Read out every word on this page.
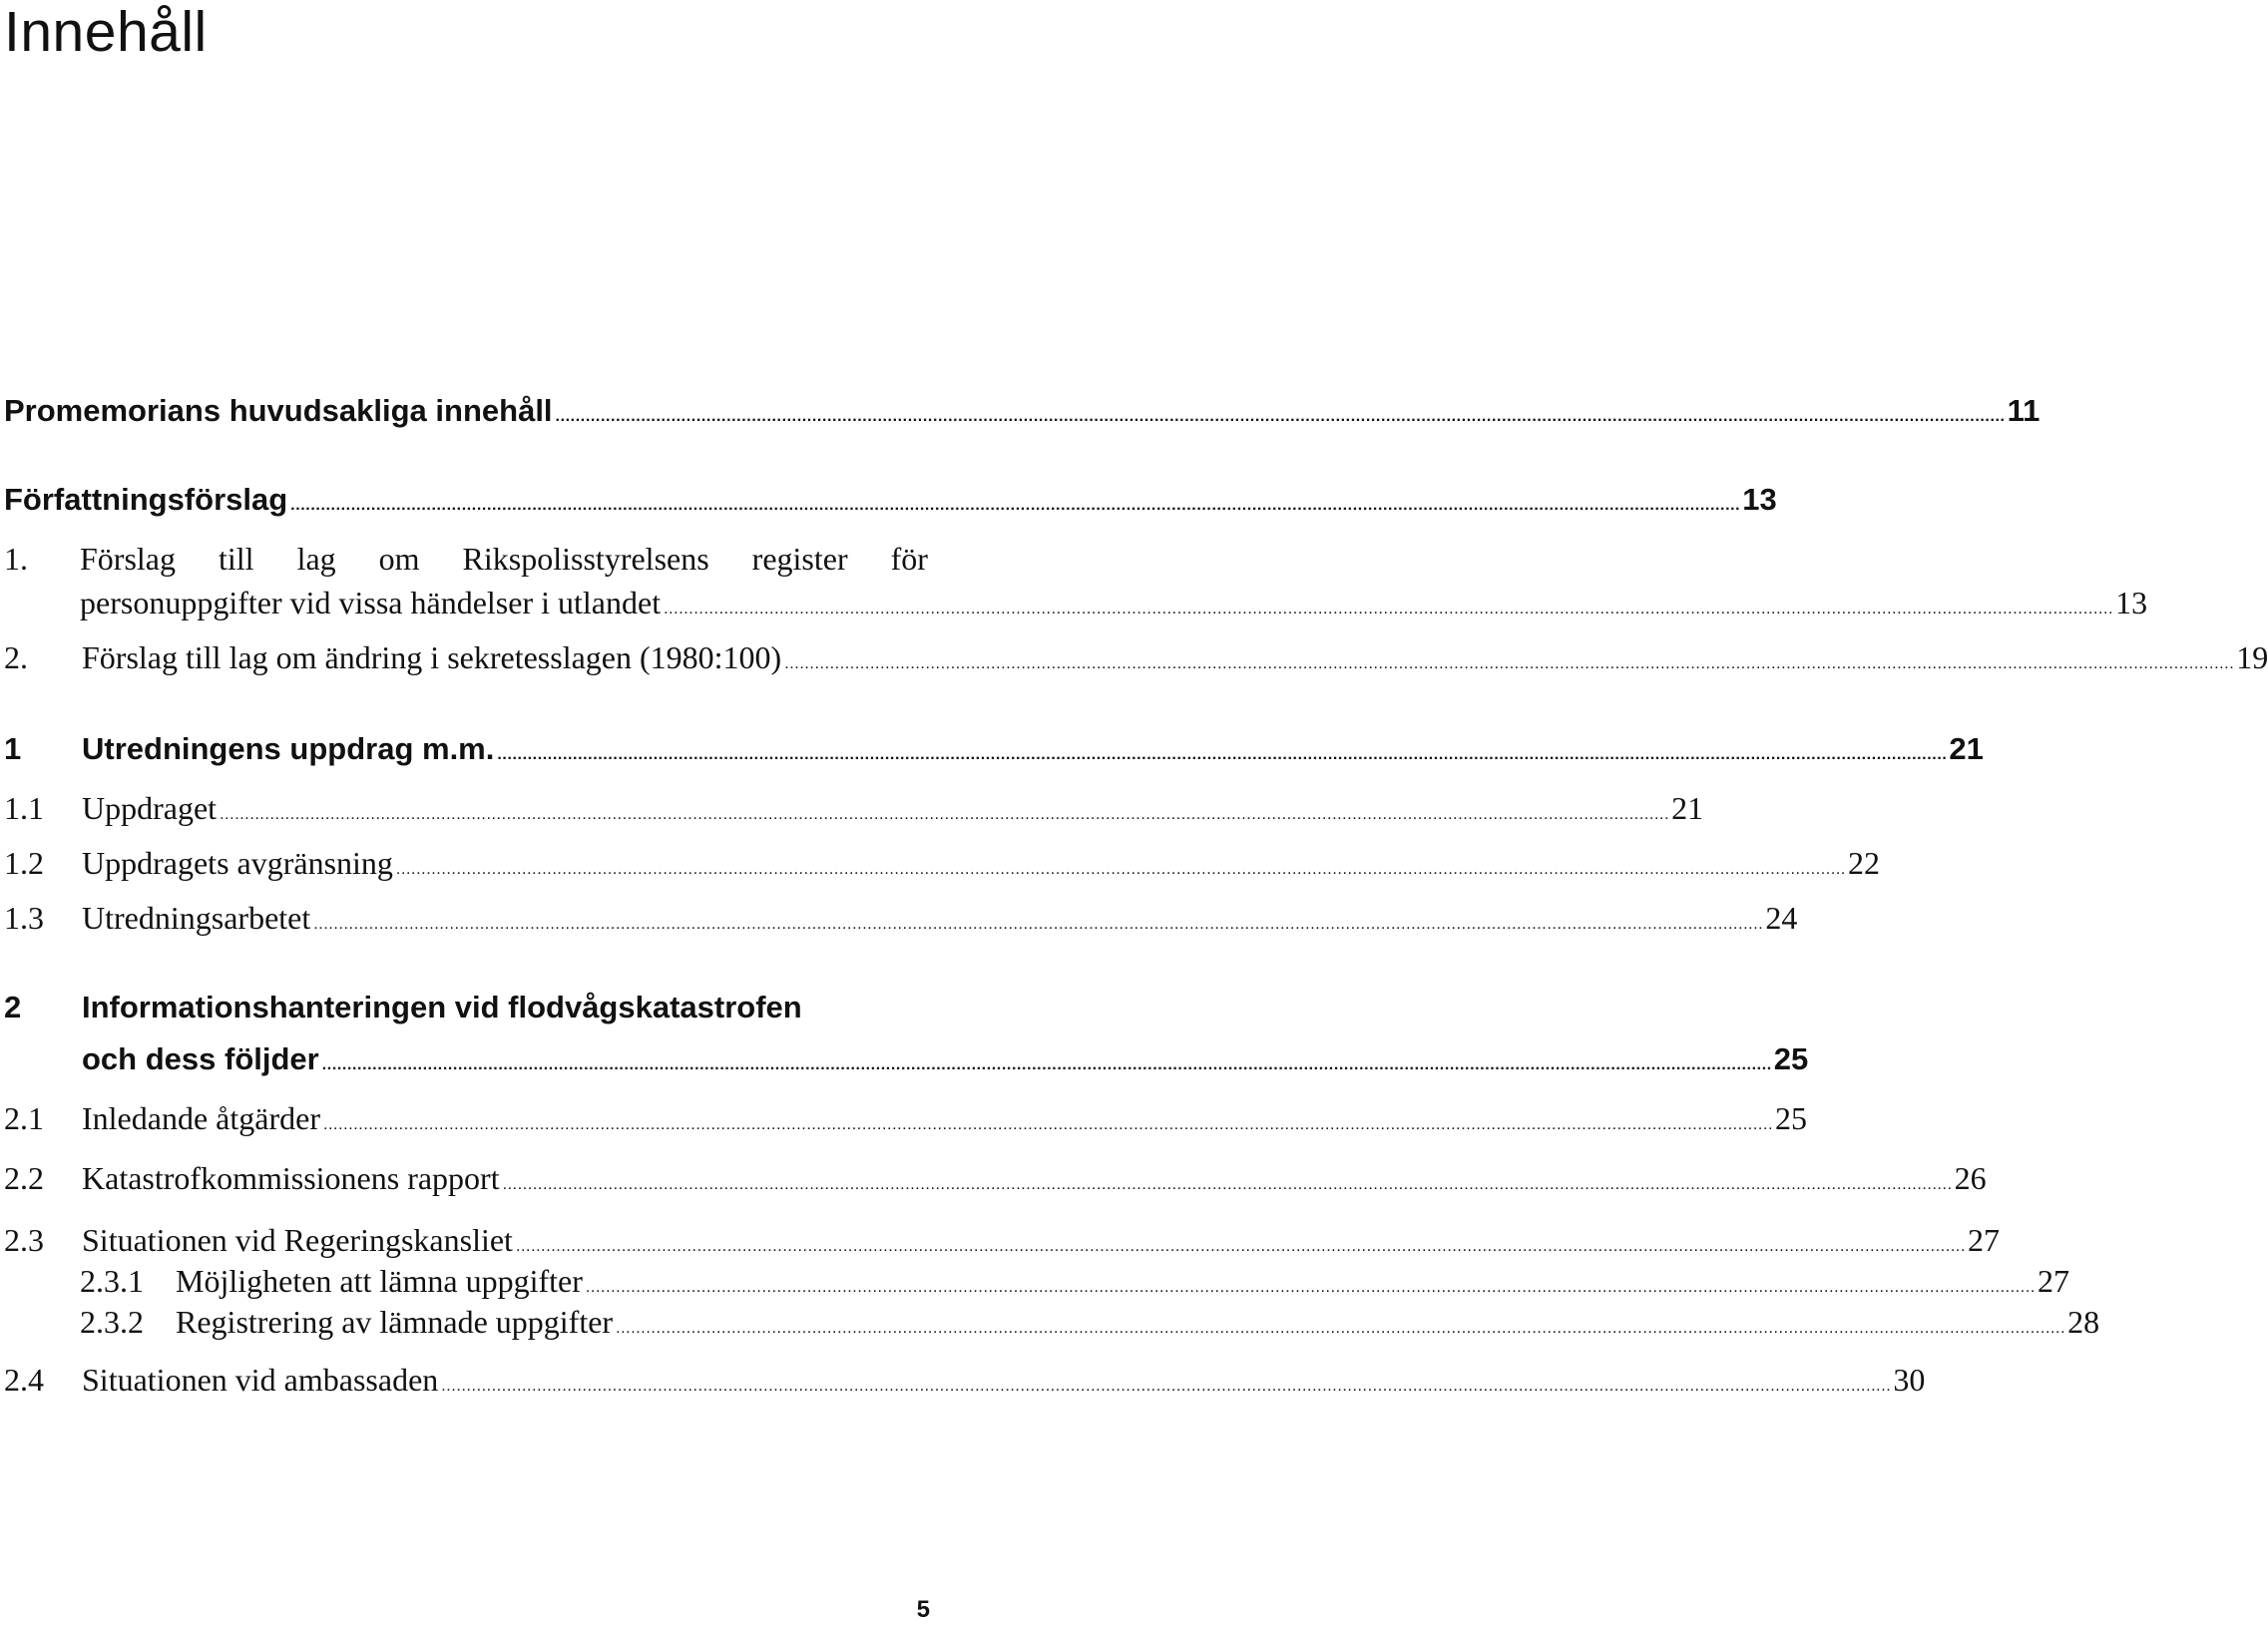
Innehåll
Promemorians huvudsakliga innehåll .....	11
Författningsförslag .....	13
1. Förslag till lag om Rikspolisstyrelsens register för
personuppgifter vid vissa händelser i utlandet .....	13
2.	Förslag till lag om ändring i sekretesslagen (1980:100) .....	19
1	Utredningens uppdrag m.m. .....	21
1.1	Uppdraget .....	21
1.2	Uppdragets avgränsning .....	22
1.3	Utredningsarbetet .....	24
2	Informationshanteringen vid flodvågskatastrofen
och dess följder .....	25
2.1	Inledande åtgärder .....	25
2.2	Katastrofkommissionens rapport .....	26
2.3	Situationen vid Regeringskansliet .....	27
2.3.1	Möjligheten att lämna uppgifter .....	27
2.3.2	Registrering av lämnade uppgifter .....	28
2.4	Situationen vid ambassaden .....	30
5
